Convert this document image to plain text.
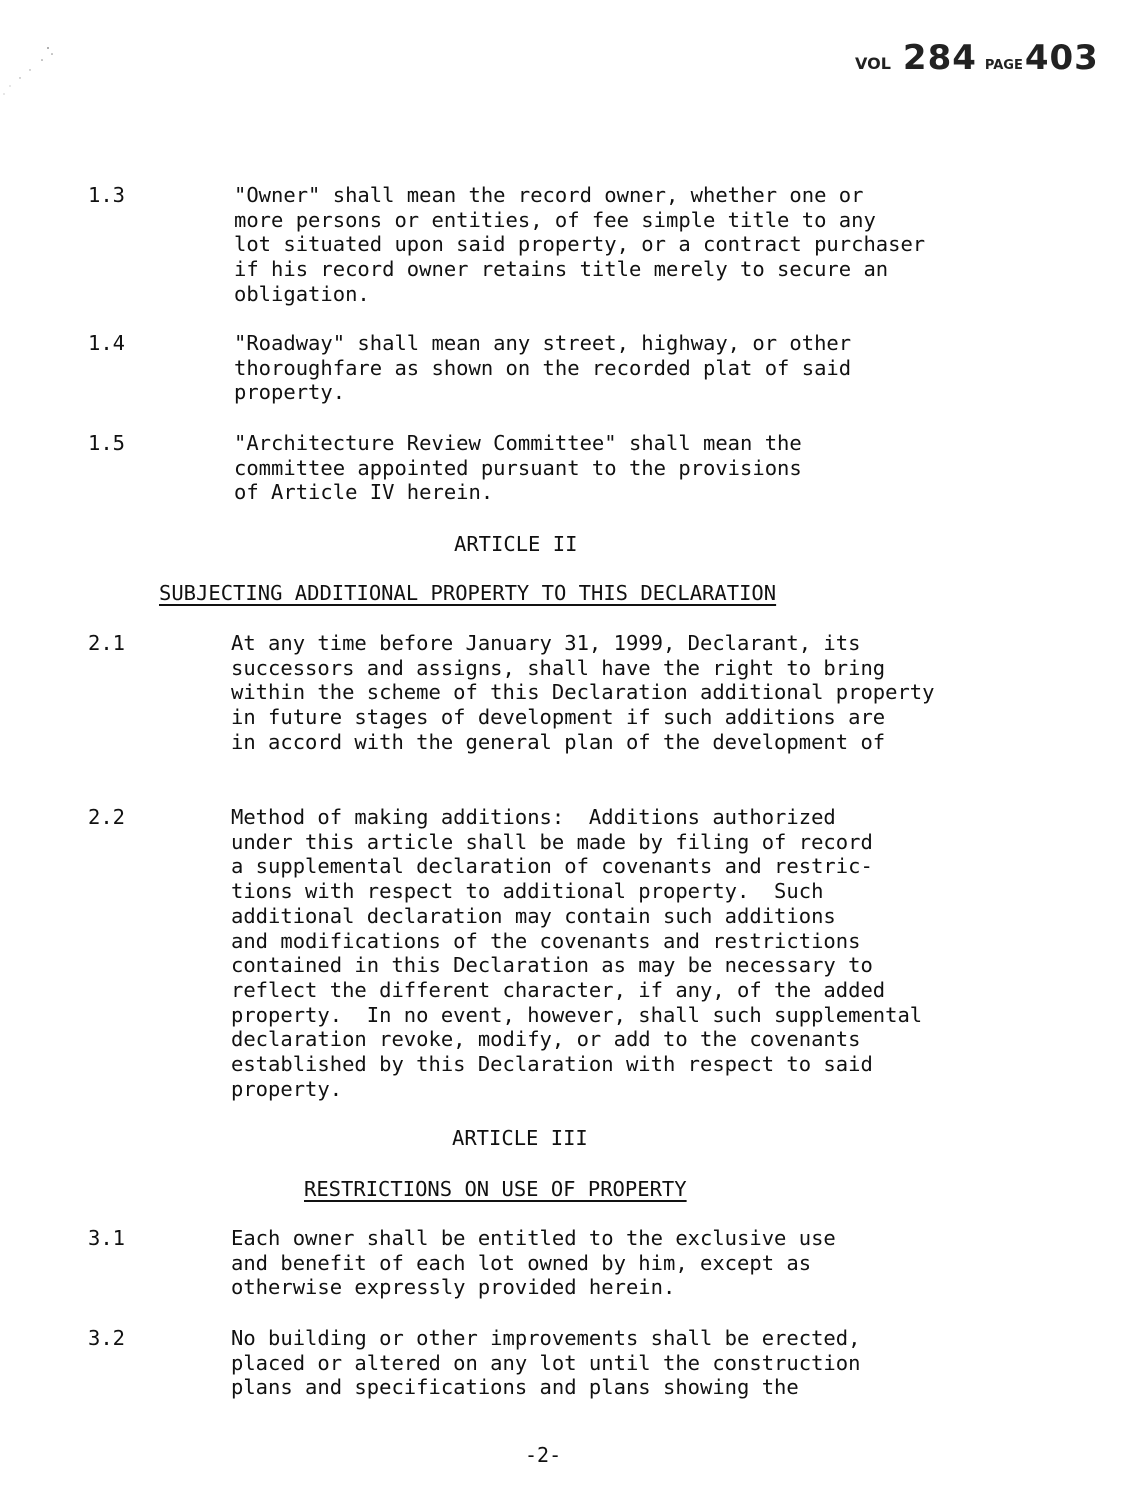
VOL 284 PAGE 403
1.3	"Owner" shall mean the record owner, whether one or
more persons or entities, of fee simple title to any
lot situated upon said property, or a contract purchaser
if his record owner retains title merely to secure an
obligation.
1.4	"Roadway" shall mean any street, highway, or other
thoroughfare as shown on the recorded plat of said
property.
1.5	"Architecture Review Committee" shall mean the
committee appointed pursuant to the provisions
of Article IV herein.
ARTICLE II
SUBJECTING ADDITIONAL PROPERTY TO THIS DECLARATION
2.1	At any time before January 31, 1999, Declarant, its
successors and assigns, shall have the right to bring
within the scheme of this Declaration additional property
in future stages of development if such additions are
in accord with the general plan of the development of
2.2	Method of making additions:  Additions authorized
under this article shall be made by filing of record
a supplemental declaration of covenants and restric-
tions with respect to additional property.  Such
additional declaration may contain such additions
and modifications of the covenants and restrictions
contained in this Declaration as may be necessary to
reflect the different character, if any, of the added
property.  In no event, however, shall such supplemental
declaration revoke, modify, or add to the covenants
established by this Declaration with respect to said
property.
ARTICLE III
RESTRICTIONS ON USE OF PROPERTY
3.1	Each owner shall be entitled to the exclusive use
and benefit of each lot owned by him, except as
otherwise expressly provided herein.
3.2	No building or other improvements shall be erected,
placed or altered on any lot until the construction
plans and specifications and plans showing the
-2-
